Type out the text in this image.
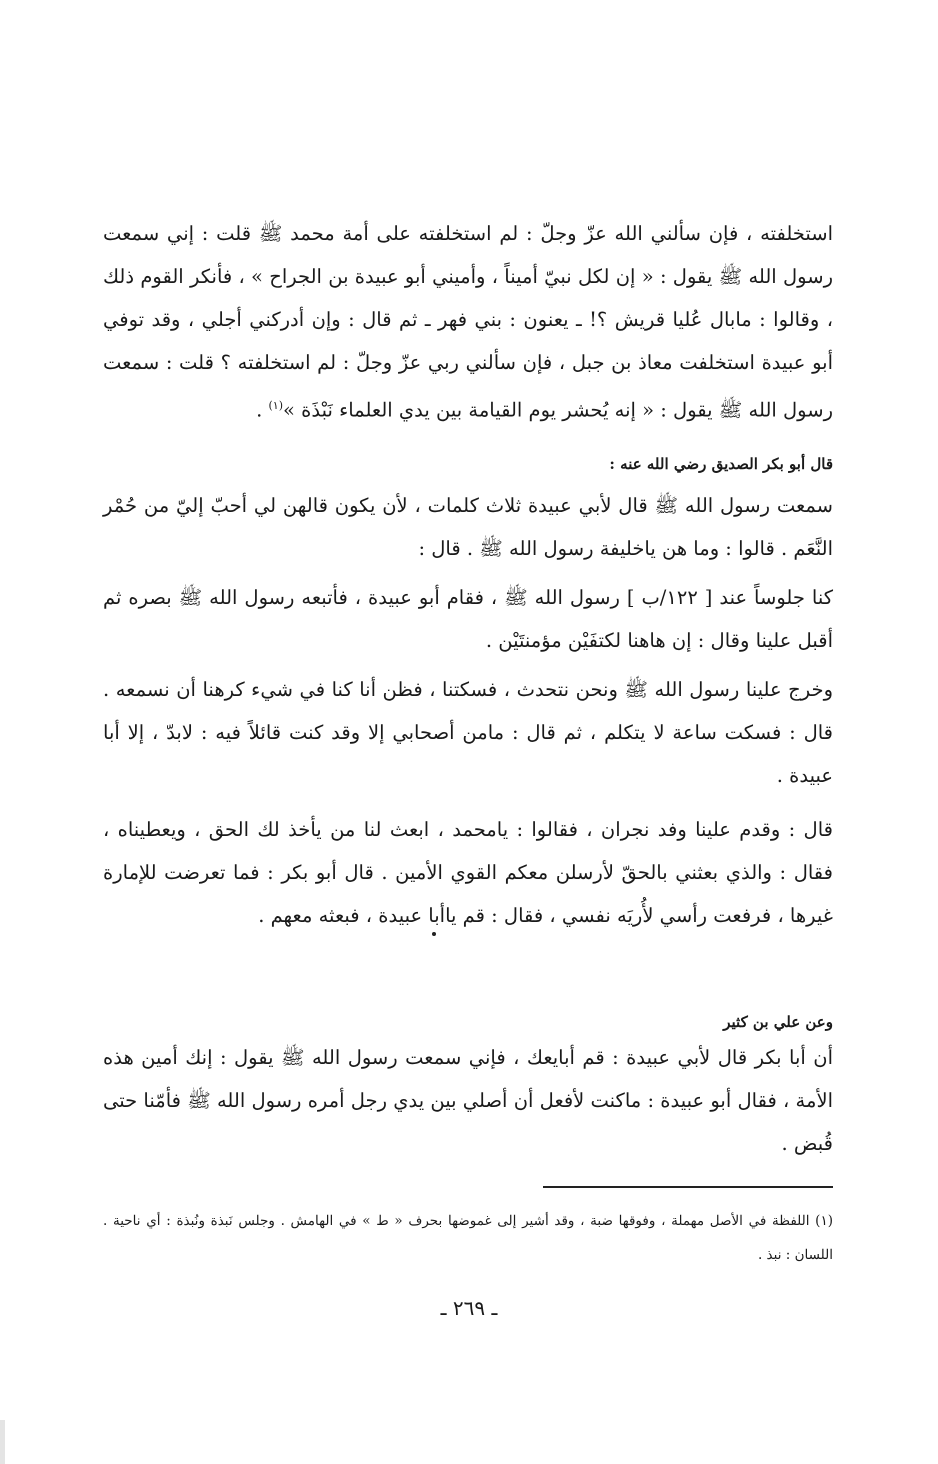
استخلفته ، فإن سألني الله عزّ وجلّ : لم استخلفته على أمة محمد ﷺ قلت : إني سمعت رسول الله ﷺ يقول : « إن لكل نبيّ أميناً ، وأميني أبو عبيدة بن الجراح » ، فأنكر القوم ذلك ، وقالوا : مابال عُليا قريش ؟! ـ يعنون : بني فهر ـ ثم قال : وإن أدركني أجلي ، وقد توفي أبو عبيدة استخلفت معاذ بن جبل ، فإن سألني ربي عزّ وجلّ : لم استخلفته ؟ قلت : سمعت رسول الله ﷺ يقول : « إنه يُحشر يوم القيامة بين يدي العلماء نَبْذَة »$^{(١)}$ .

قال أبو بكر الصديق رضي الله عنه :

سمعت رسول الله ﷺ قال لأبي عبيدة ثلاث كلمات ، لأن يكون قالهن لي أحبّ إليّ من حُمْر النَّعَم . قالوا : وما هن ياخليفة رسول الله ﷺ . قال :

كنا جلوساً عند [ ١٢٢/ب ] رسول الله ﷺ ، فقام أبو عبيدة ، فأتبعه رسول الله ﷺ بصره ثم أقبل علينا وقال : إن هاهنا لكتفَيْن مؤمنتَيْن .

وخرج علينا رسول الله ﷺ ونحن نتحدث ، فسكتنا ، فظن أنا كنا في شيء كرهنا أن نسمعه . قال : فسكت ساعة لا يتكلم ، ثم قال : مامن أصحابي إلا وقد كنت قائلاً فيه : لابدّ ، إلا أبا عبيدة .

قال : وقدم علينا وفد نجران ، فقالوا : يامحمد ، ابعث لنا من يأخذ لك الحق ، ويعطيناه ، فقال : والذي بعثني بالحقّ لأرسلن معكم القوي الأمين . قال أبو بكر : فما تعرضت للإمارة غيرها ، فرفعت رأسي لأُريَه نفسي ، فقال : قم ياأبا عبيدة ، فبعثه معهم .

وعن علي بن كثير

أن أبا بكر قال لأبي عبيدة : قم أبايعك ، فإني سمعت رسول الله ﷺ يقول : إنك أمين هذه الأمة ، فقال أبو عبيدة : ماكنت لأفعل أن أصلي بين يدي رجل أمره رسول الله ﷺ فأمّنا حتى قُبض .

(١) اللفظة في الأصل مهملة ، وفوقها ضبة ، وقد أشير إلى غموضها بحرف « ط » في الهامش . وجلس نَبذة ونُبذة : أي ناحية . اللسان : نبذ .

ـ ٢٦٩ ـ
